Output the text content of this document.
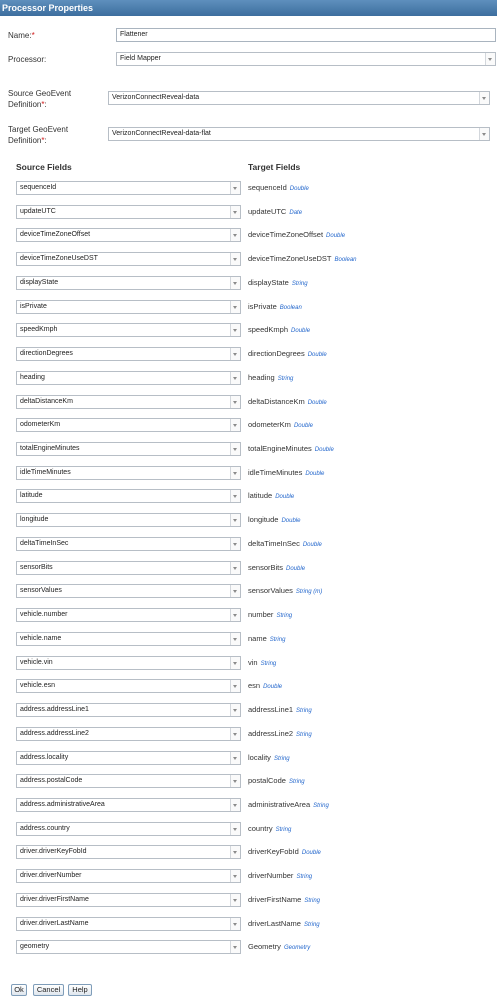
Processor Properties
Name:*	Flattener
Processor:	Field Mapper
Source GeoEvent
Definition*:
VerizonConnectReveal-data
Target GeoEvent
Definition*:
VerizonConnectReveal-data-flat
Source Fields	Target Fields
sequenceId	sequenceId Double
updateUTC	updateUTC Date
deviceTimeZoneOffset	deviceTimeZoneOffset Double
deviceTimeZoneUseDST	deviceTimeZoneUseDST Boolean
displayState	displayState String
isPrivate	isPrivate Boolean
speedKmph	speedKmph Double
directionDegrees	directionDegrees Double
heading	heading String
deltaDistanceKm	deltaDistanceKm Double
odometerKm	odometerKm Double
totalEngineMinutes	totalEngineMinutes Double
idleTimeMinutes	idleTimeMinutes Double
latitude	latitude Double
longitude	longitude Double
deltaTimeInSec	deltaTimeInSec Double
sensorBits	sensorBits Double
sensorValues	sensorValues String (m)
vehicle.number	number String
vehicle.name	name String
vehicle.vin	vin String
vehicle.esn	esn Double
address.addressLine1	addressLine1 String
address.addressLine2	addressLine2 String
address.locality	locality String
address.postalCode	postalCode String
address.administrativeArea	administrativeArea String
address.country	country String
driver.driverKeyFobId	driverKeyFobId Double
driver.driverNumber	driverNumber String
driver.driverFirstName	driverFirstName String
driver.driverLastName	driverLastName String
geometry	Geometry Geometry
Ok	Cancel	Help
